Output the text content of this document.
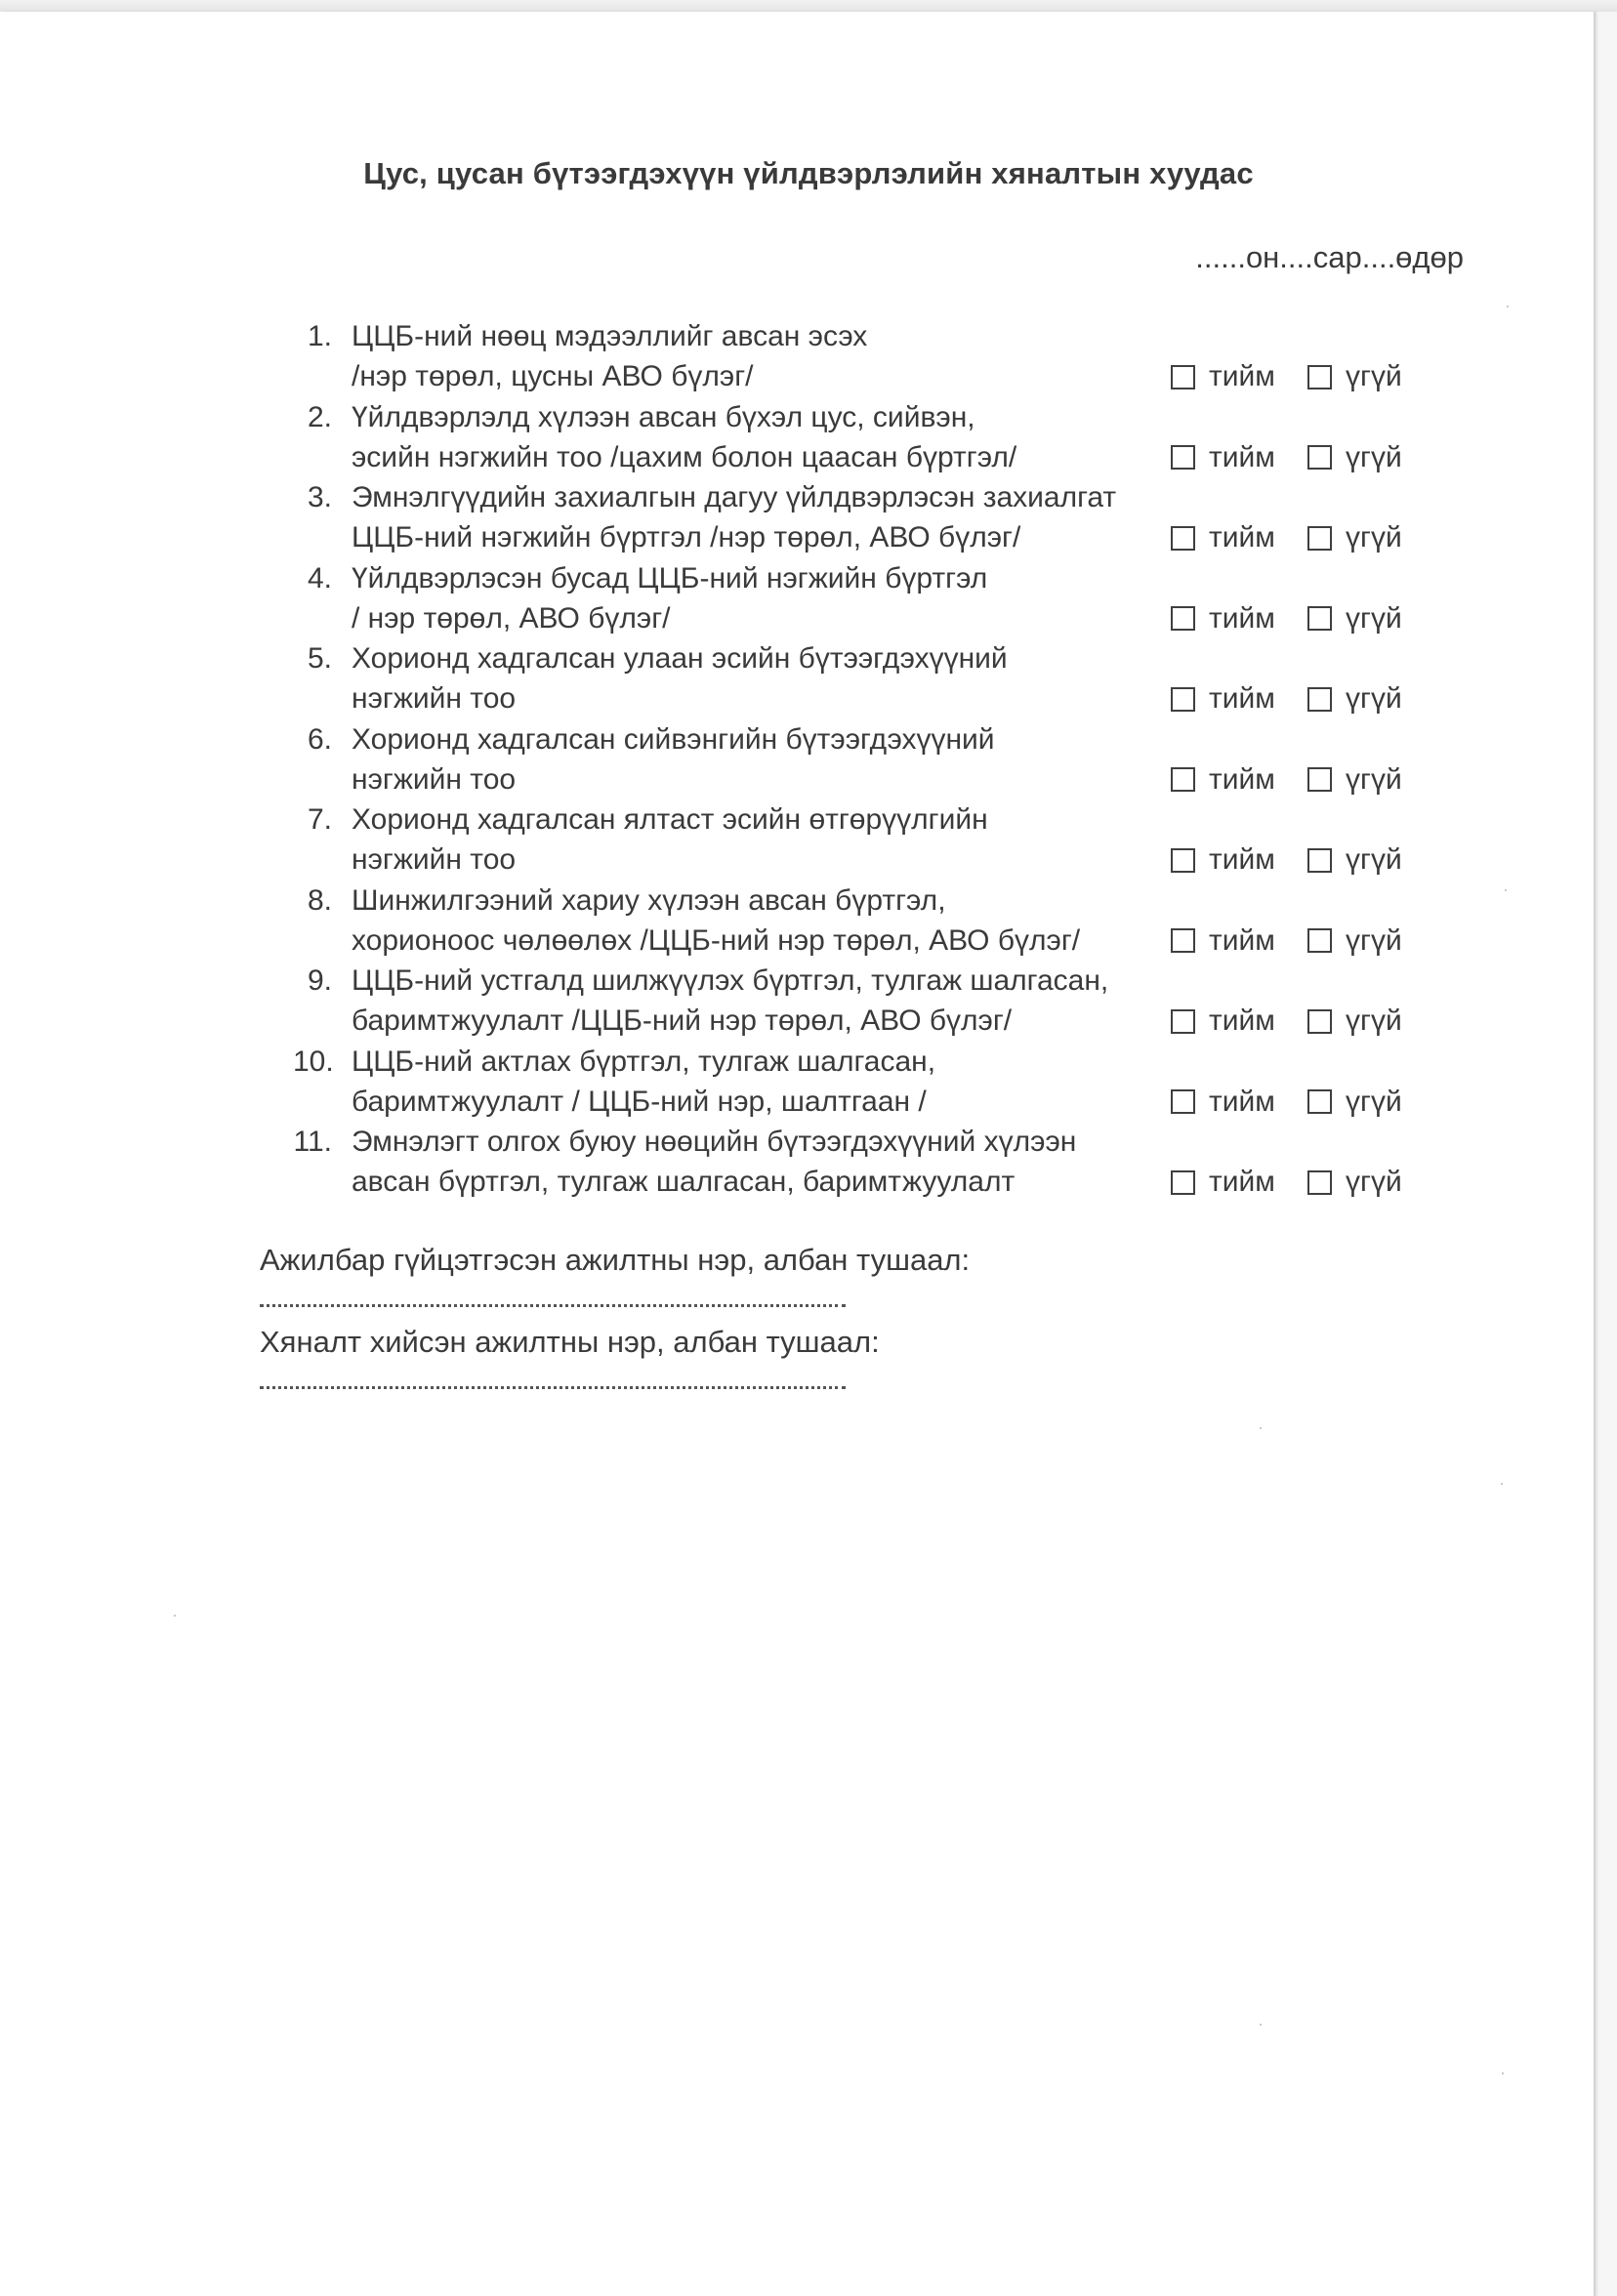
Цус, цусан бүтээгдэхүүн үйлдвэрлэлийн хяналтын хуудас
......он....сар....өдөр
1. ЦЦБ-ний нөөц мэдээллийг авсан эсэх
/нэр төрөл, цусны АВО бүлэг/	тийм үгүй
2. Үйлдвэрлэлд хүлээн авсан бүхэл цус, сийвэн,
эсийн нэгжийн тоо /цахим болон цаасан бүртгэл/	тийм үгүй
3. Эмнэлгүүдийн захиалгын дагуу үйлдвэрлэсэн захиалгат
ЦЦБ-ний нэгжийн бүртгэл /нэр төрөл, АВО бүлэг/	тийм үгүй
4. Үйлдвэрлэсэн бусад ЦЦБ-ний нэгжийн бүртгэл
/ нэр төрөл, АВО бүлэг/	тийм үгүй
5. Хорионд хадгалсан улаан эсийн бүтээгдэхүүний
нэгжийн тоо	тийм үгүй
6. Хорионд хадгалсан сийвэнгийн бүтээгдэхүүний
нэгжийн тоо	тийм үгүй
7. Хорионд хадгалсан ялтаст эсийн өтгөрүүлгийн
нэгжийн тоо	тийм үгүй
8. Шинжилгээний хариу хүлээн авсан бүртгэл,
хорионоос чөлөөлөх /ЦЦБ-ний нэр төрөл, АВО бүлэг/	тийм үгүй
9. ЦЦБ-ний устгалд шилжүүлэх бүртгэл, тулгаж шалгасан,
баримтжуулалт /ЦЦБ-ний нэр төрөл, АВО бүлэг/	тийм үгүй
10. ЦЦБ-ний актлах бүртгэл, тулгаж шалгасан,
баримтжуулалт / ЦЦБ-ний нэр, шалтгаан /	тийм үгүй
11. Эмнэлэгт олгох буюу нөөцийн бүтээгдэхүүний хүлээн
авсан бүртгэл, тулгаж шалгасан, баримтжуулалт	тийм үгүй
Ажилбар гүйцэтгэсэн ажилтны нэр, албан тушаал:
Хяналт хийсэн ажилтны нэр, албан тушаал:
